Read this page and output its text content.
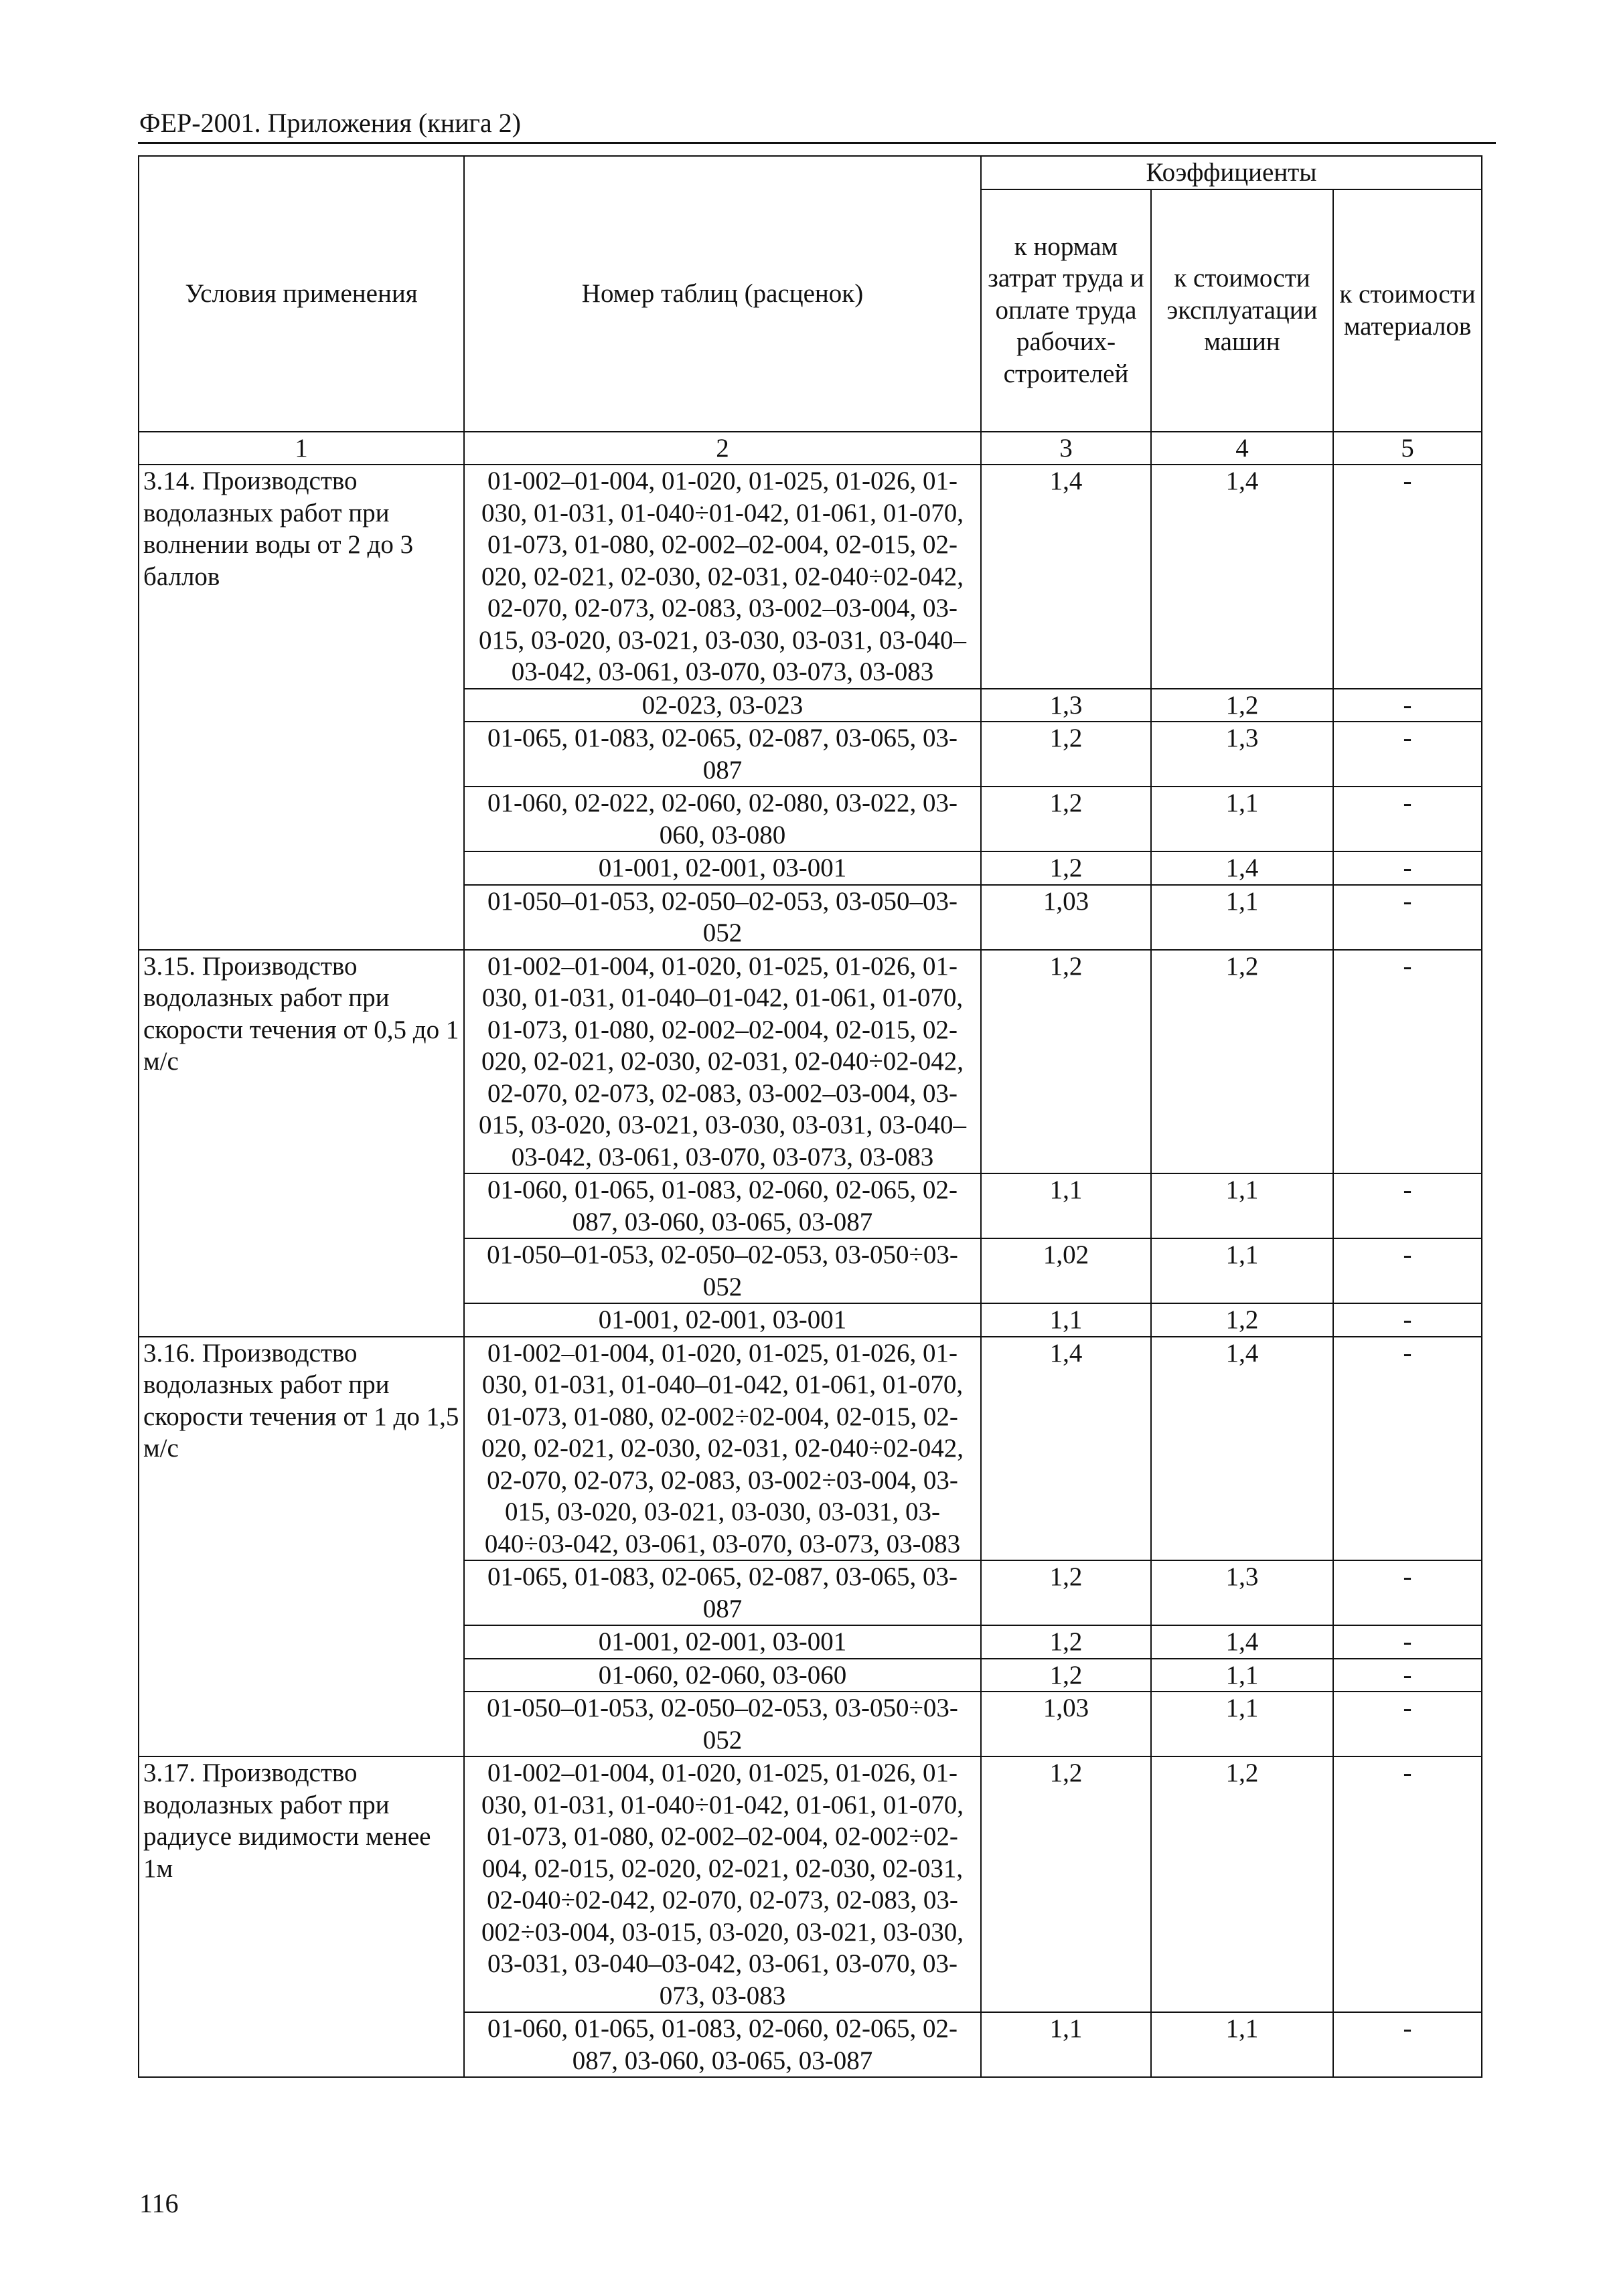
ФЕР-2001. Приложения (книга 2)
Условия применения	Номер таблиц (расценок)	Коэффициенты		
		к нормам затрат труда и оплате труда рабочих-строителей	к стоимости эксплуатации машин	к стоимости материалов
1	2	3	4	5
3.14. Производство водолазных работ при волнении воды от 2 до 3 баллов	01-002–01-004, 01-020, 01-025, 01-026, 01-030, 01-031, 01-040÷01-042, 01-061, 01-070, 01-073, 01-080, 02-002–02-004, 02-015, 02-020, 02-021, 02-030, 02-031, 02-040÷02-042, 02-070, 02-073, 02-083, 03-002–03-004, 03-015, 03-020, 03-021, 03-030, 03-031, 03-040–03-042, 03-061, 03-070, 03-073, 03-083	1,4	1,4	-
	02-023, 03-023	1,3	1,2	-
	01-065, 01-083, 02-065, 02-087, 03-065, 03-087	1,2	1,3	-
	01-060, 02-022, 02-060, 02-080, 03-022, 03-060, 03-080	1,2	1,1	-
	01-001, 02-001, 03-001	1,2	1,4	-
	01-050–01-053, 02-050–02-053, 03-050–03-052	1,03	1,1	-
3.15. Производство водолазных работ при скорости течения от 0,5 до 1 м/с	01-002–01-004, 01-020, 01-025, 01-026, 01-030, 01-031, 01-040–01-042, 01-061, 01-070, 01-073, 01-080, 02-002–02-004, 02-015, 02-020, 02-021, 02-030, 02-031, 02-040÷02-042, 02-070, 02-073, 02-083, 03-002–03-004, 03-015, 03-020, 03-021, 03-030, 03-031, 03-040–03-042, 03-061, 03-070, 03-073, 03-083	1,2	1,2	-
	01-060, 01-065, 01-083, 02-060, 02-065, 02-087, 03-060, 03-065, 03-087	1,1	1,1	-
	01-050–01-053, 02-050–02-053, 03-050÷03-052	1,02	1,1	-
	01-001, 02-001, 03-001	1,1	1,2	-
3.16. Производство водолазных работ при скорости течения от 1 до 1,5 м/с	01-002–01-004, 01-020, 01-025, 01-026, 01-030, 01-031, 01-040–01-042, 01-061, 01-070, 01-073, 01-080, 02-002÷02-004, 02-015, 02-020, 02-021, 02-030, 02-031, 02-040÷02-042, 02-070, 02-073, 02-083, 03-002÷03-004, 03-015, 03-020, 03-021, 03-030, 03-031, 03-040÷03-042, 03-061, 03-070, 03-073, 03-083	1,4	1,4	-
	01-065, 01-083, 02-065, 02-087, 03-065, 03-087	1,2	1,3	-
	01-001, 02-001, 03-001	1,2	1,4	-
	01-060, 02-060, 03-060	1,2	1,1	-
	01-050–01-053, 02-050–02-053, 03-050÷03-052	1,03	1,1	-
3.17. Производство водолазных работ при радиусе видимости менее 1м	01-002–01-004, 01-020, 01-025, 01-026, 01-030, 01-031, 01-040÷01-042, 01-061, 01-070, 01-073, 01-080, 02-002–02-004, 02-002÷02-004, 02-015, 02-020, 02-021, 02-030, 02-031, 02-040÷02-042, 02-070, 02-073, 02-083, 03-002÷03-004, 03-015, 03-020, 03-021, 03-030, 03-031, 03-040–03-042, 03-061, 03-070, 03-073, 03-083	1,2	1,2	-
	01-060, 01-065, 01-083, 02-060, 02-065, 02-087, 03-060, 03-065, 03-087	1,1	1,1	-
116
